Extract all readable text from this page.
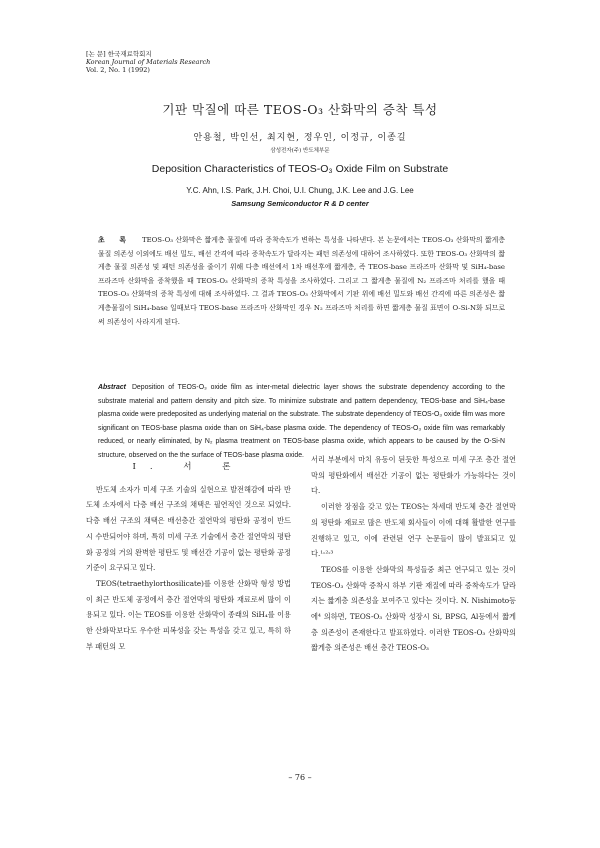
[논 문] 한국재료학회지
Korean Journal of Materials Research
Vol. 2, No. 1 (1992)
기판 막질에 따른 TEOS-O₃ 산화막의 증착 특성
안용철, 박인선, 최지현, 정우인, 이정규, 이종길
삼성전자(주) 반도체부문
Deposition Characteristics of TEOS-O₃ Oxide Film on Substrate
Y.C. Ahn, I.S. Park, J.H. Choi, U.I. Chung, J.K. Lee and J.G. Lee
Samsung Semiconductor R & D center
초 록 TEOS-O₃ 산화막은 짧게층 물질에 따라 증착속도가 변하는 특성을 나타낸다. 본 논문에서는 TEOS-O₃ 산화막의 짧게층 물질 의존성 이외에도 배선 밀도, 배선 간격에 따라 증착속도가 달라지는 패턴 의존성에 대하여 조사하였다. 또한 TEOS-O₃ 산화막의 짧게층 물질 의존성 및 패턴 의존성을 줄이기 위해 다층 배선에서 1차 배선후에 짧게층, 즉 TEOS-base 프라즈마 산화막 및 SiH₄-base 프라즈마 산화막을 증착했을 때 TEOS-O₃ 산화막의 증착 특성을 조사하였다. 그리고 그 짧게층 물질에 N₂ 프라즈마 처리를 했을 때 TEOS-O₃ 산화막의 증착 특성에 대해 조사하였다. 그 결과 TEOS-O₃ 산화막에서 기판 위에 배선 밀도와 배선 간격에 따른 의존성은 짧게층물질이 SiH₄-base 일때보다 TEOS-base 프라즈마 산화막인 경우 N₂ 프라즈마 처리를 하면 짧게층 물질 표면이 O-Si-N화 되므로써 의존성이 사라지게 된다.
Abstract Deposition of TEOS-O₃ oxide film as inter-metal dielectric layer shows the substrate dependency according to the substrate material and pattern density and pitch size. To minimize substrate and pattern dependency, TEOS-base and SiH₄-base plasma oxide were predeposited as underlying material on the substrate. The substrate dependency of TEOS-O₃ oxide film was more significant on TEOS-base plasma oxide than on SiH₄-base plasma oxide. The dependency of TEOS-O₃ oxide film was remarkably reduced, or nearly eliminated, by N₂ plasma treatment on TEOS-base plasma oxide, which appears to be caused by the O-Si-N structure, observed on the the surface of TEOS-base plasma oxide.
I. 서 론

반도체 소자가 미세 구조 기술의 실현으로 발전해감에 따라 반도체 소자에서 다층 배선 구조의 채택은 필연적인 것으로 되었다. 다층 배선 구조의 채택은 배선층간 절연막의 평탄화 공정이 반드시 수반되어야 하며, 특히 미세 구조 기술에서 층간 절연막의 평탄화 공정의 거의 완벽한 평탄도 및 배선간 기공이 없는 평탄화 공정 기준이 요구되고 있다.

TEOS(tetraethylorthosilicate)를 이용한 산화막 형성 방법이 최근 반도체 공정에서 층간 절연막의 평탄화 재료로써 많이 이용되고 있다. 이는 TEOS를 이용한 산화막이 종래의 SiH₄를 이용한 산화막보다도 우수한 피복성을 갖는 특성을 갖고 있고, 특히 하부 패턴의 모

서리 부분에서 마치 유동이 된듯한 특성으로 미세 구조 층간 절연막의 평탄화에서 배선간 기공이 없는 평탄화가 가능하다는 것이다.

이러한 장점을 갖고 있는 TEOS는 차세대 반도체 층간 절연막의 평탄화 재료로 많은 반도체 회사들이 이에 대해 활발한 연구를 진행하고 있고, 이에 관련된 연구 논문들이 많이 발표되고 있다.¹˒²˒³

TEOS를 이용한 산화막의 특성들중 최근 연구되고 있는 것이 TEOS-O₃ 산화막 증착시 하부 기판 재질에 따라 증착속도가 달라지는 짧게층 의존성을 보여주고 있다는 것이다. N. Nishimoto등에⁴ 의하면, TEOS-O₃ 산화막 성장시 Si, BPSG, Al등에서 짧게층 의존성이 존재한다고 발표하였다. 이러한 TEOS-O₃ 산화막의 짧게층 의존성은 배선 층간 TEOS-O₃

– 76 –
